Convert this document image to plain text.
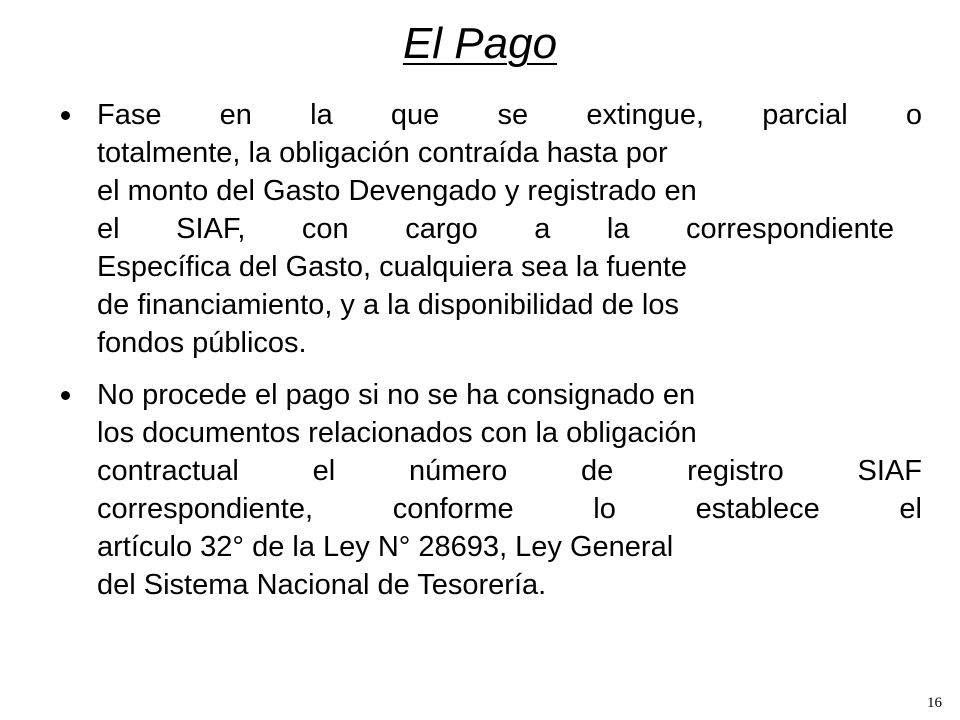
El Pago
Fase en la que se extingue, parcial o
totalmente, la obligación contraída hasta por
el monto del Gasto Devengado y registrado en
el SIAF, con cargo a la correspondiente
Específica del Gasto, cualquiera sea la fuente
de financiamiento, y a la disponibilidad de los
fondos públicos.
No procede el pago si no se ha consignado en
los documentos relacionados con la obligación
contractual el número de registro SIAF
correspondiente, conforme lo establece el
artículo 32° de la Ley N° 28693, Ley General
del Sistema Nacional de Tesorería.
16
